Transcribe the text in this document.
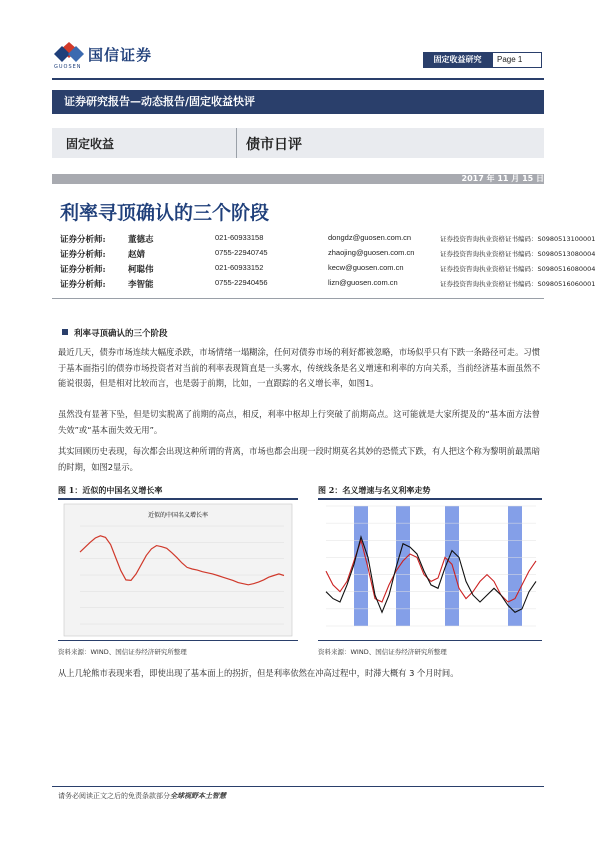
国信证券
GUOSEN
固定收益研究	Page 1
证券研究报告—动态报告/固定收益快评
固定收益	债市日评
2017 年 11 月 15 日
利率寻顶确认的三个阶段
证券分析师:	董德志	021-60933158	dongdz@guosen.com.cn	证券投资咨询执业资格证书编码：S0980513100001
证券分析师:	赵婧	0755-22940745	zhaojing@guosen.com.cn	证券投资咨询执业资格证书编码：S0980513080004
证券分析师:	柯聪伟	021-60933152	kecw@guosen.com.cn	证券投资咨询执业资格证书编码：S0980516080004
证券分析师:	李智能	0755-22940456	lizn@guosen.com.cn	证券投资咨询执业资格证书编码：S0980516060001
利率寻顶确认的三个阶段
最近几天，债券市场连续大幅度杀跌，市场情绪一塌糊涂，任何对债券市场的利好都被忽略，市场似乎只有下跌一条路径可走。习惯于基本面指引的债券市场投资者对当前的利率表现简直是一头雾水，传统线条是名义增速和利率的方向关系，当前经济基本面虽然不能说很弱，但是相对比较而言，也是弱于前期，比如，一直跟踪的名义增长率，如图1。
虽然没有显著下坠，但是切实脱离了前期的高点，相反，利率中枢却上行突破了前期高点。这可能就是大家所提及的“基本面方法曾失效”或“基本面失效无用”。
其实回顾历史表现，每次都会出现这种所谓的背离，市场也都会出现一段时期莫名其妙的恐慌式下跌，有人把这个称为黎明前最黑暗的时期，如图2显示。
图 1：近似的中国名义增长率
近似的中国名义增长率
资料来源：WIND、国信证券经济研究所整理
图 2：名义增速与名义利率走势
资料来源：WIND、国信证券经济研究所整理
从上几轮熊市表现来看，即使出现了基本面上的拐折，但是利率依然在冲高过程中，时滞大概有 3 个月时间。
请务必阅读正文之后的免责条款部分全球视野本土智慧
